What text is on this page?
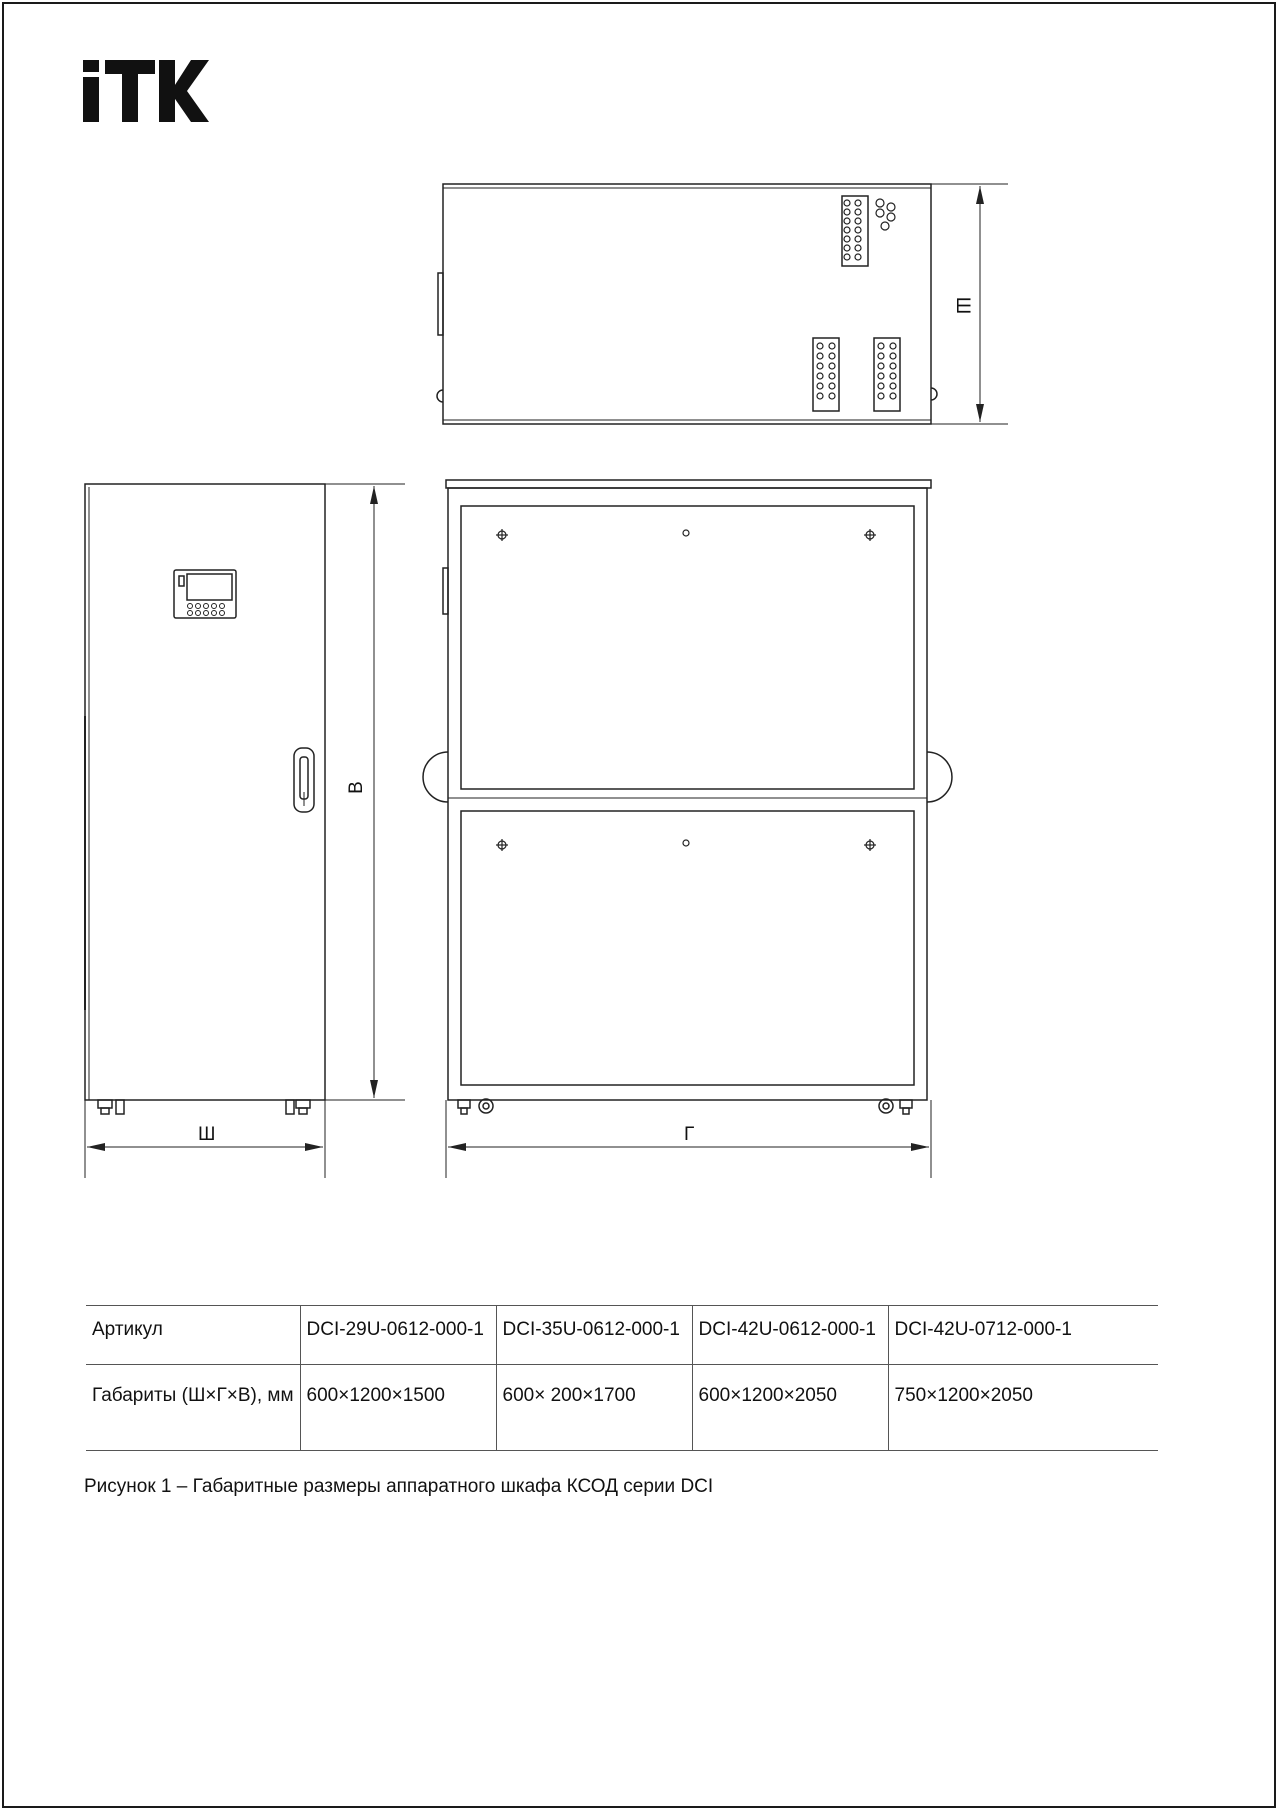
Ш
В
Ш	Г
Артикул	DCI-29U-0612-000-1	DCI-35U-0612-000-1	DCI-42U-0612-000-1	DCI-42U-0712-000-1
Габариты (Ш×Г×В), мм	600×1200×1500	600× 200×1700	600×1200×2050	750×1200×2050
Рисунок 1 – Габаритные размеры аппаратного шкафа КСОД серии DCI
